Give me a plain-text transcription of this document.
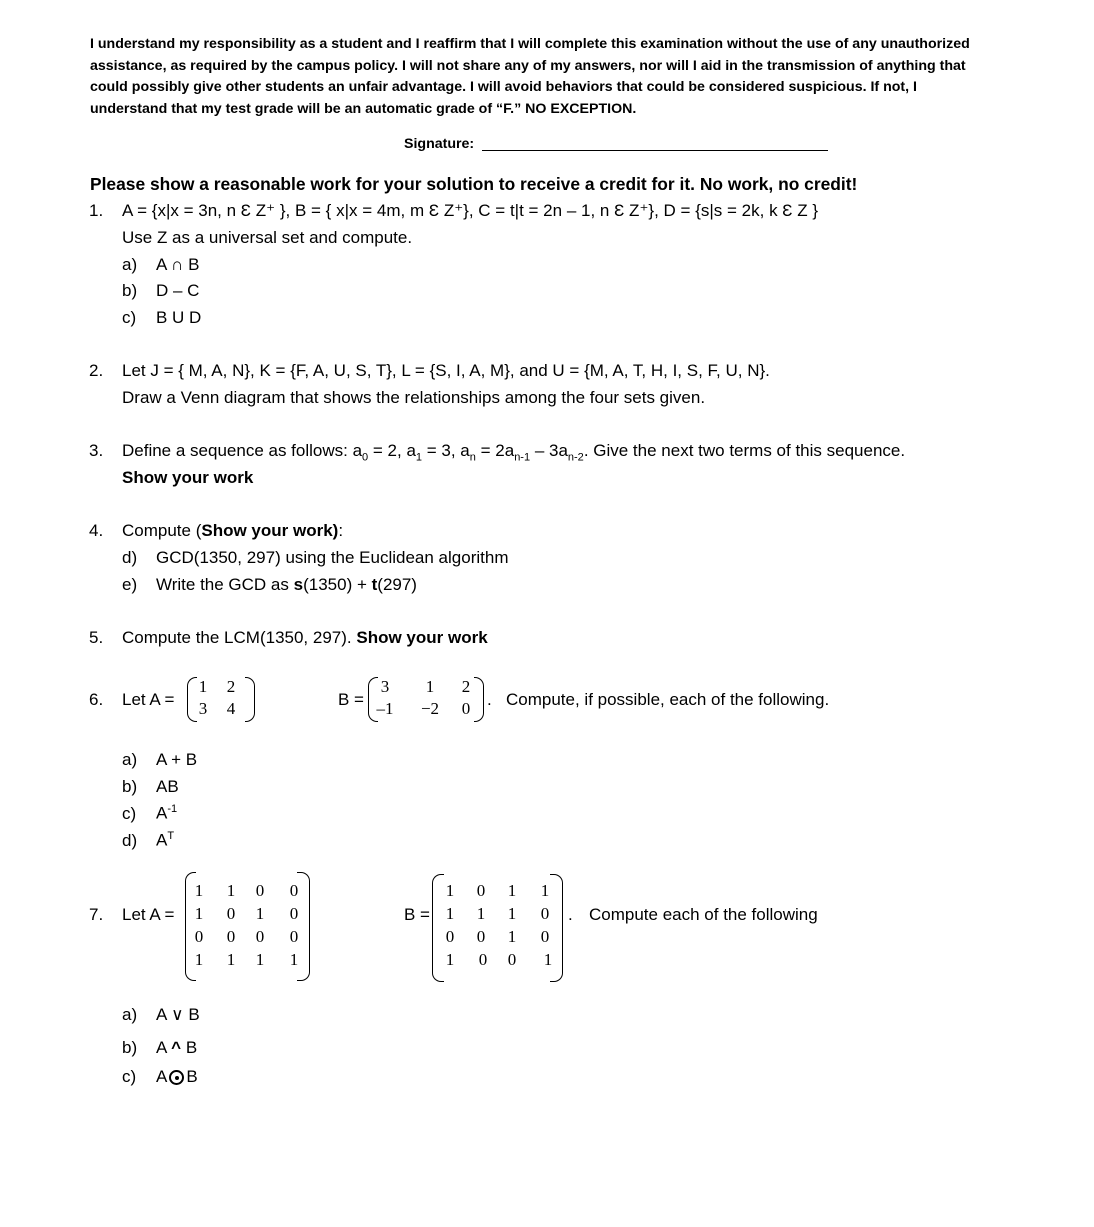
I understand my responsibility as a student and I reaffirm that I will complete this examination without the use of any unauthorized
assistance, as required by the campus policy. I will not share any of my answers, nor will I aid in the transmission of anything that
could possibly give other students an unfair advantage. I will avoid behaviors that could be considered suspicious. If not, I
understand that my test grade will be an automatic grade of “F.” NO EXCEPTION.
Signature:
Please show a reasonable work for your solution to receive a credit for it. No work, no credit!
1. A = {x|x = 3n, n Ɛ Z⁺ }, B = { x|x = 4m, m Ɛ Z⁺}, C = t|t = 2n – 1, n Ɛ Z⁺}, D = {s|s = 2k, k Ɛ Z }
Use Z as a universal set and compute.
a) A ∩ B
b) D – C
c) B U D
2. Let J = { M, A, N}, K = {F, A, U, S, T}, L = {S, I, A, M}, and U = {M, A, T, H, I, S, F, U, N}.
Draw a Venn diagram that shows the relationships among the four sets given.
3. Define a sequence as follows: $a_0 = 2$, $a_1 = 3$, $a_n = 2a_{n-1} - 3a_{n-2}$. Give the next two terms of this sequence.
Show your work
4. Compute (Show your work):
d) GCD(1350, 297) using the Euclidean algorithm
e) Write the GCD as s(1350) + t(297)
5. Compute the LCM(1350, 297). Show your work
6. Let A =
1	2
3	4	B =
3	1	2
–1 −2	0 . Compute, if possible, each of the following.
a) A + B
b) AB
c) $A^{-1}$
d) $A^T$
7. Let A =
1	1	0	0
1	0	1	0
0	0	0	0
1	1	1	1
B =
1	0	1	1
1	1	1	0
0	0	1	0
1	0	0	1
. Compute each of the following
a) A ∨ B
b) A ^ B
c) A B
